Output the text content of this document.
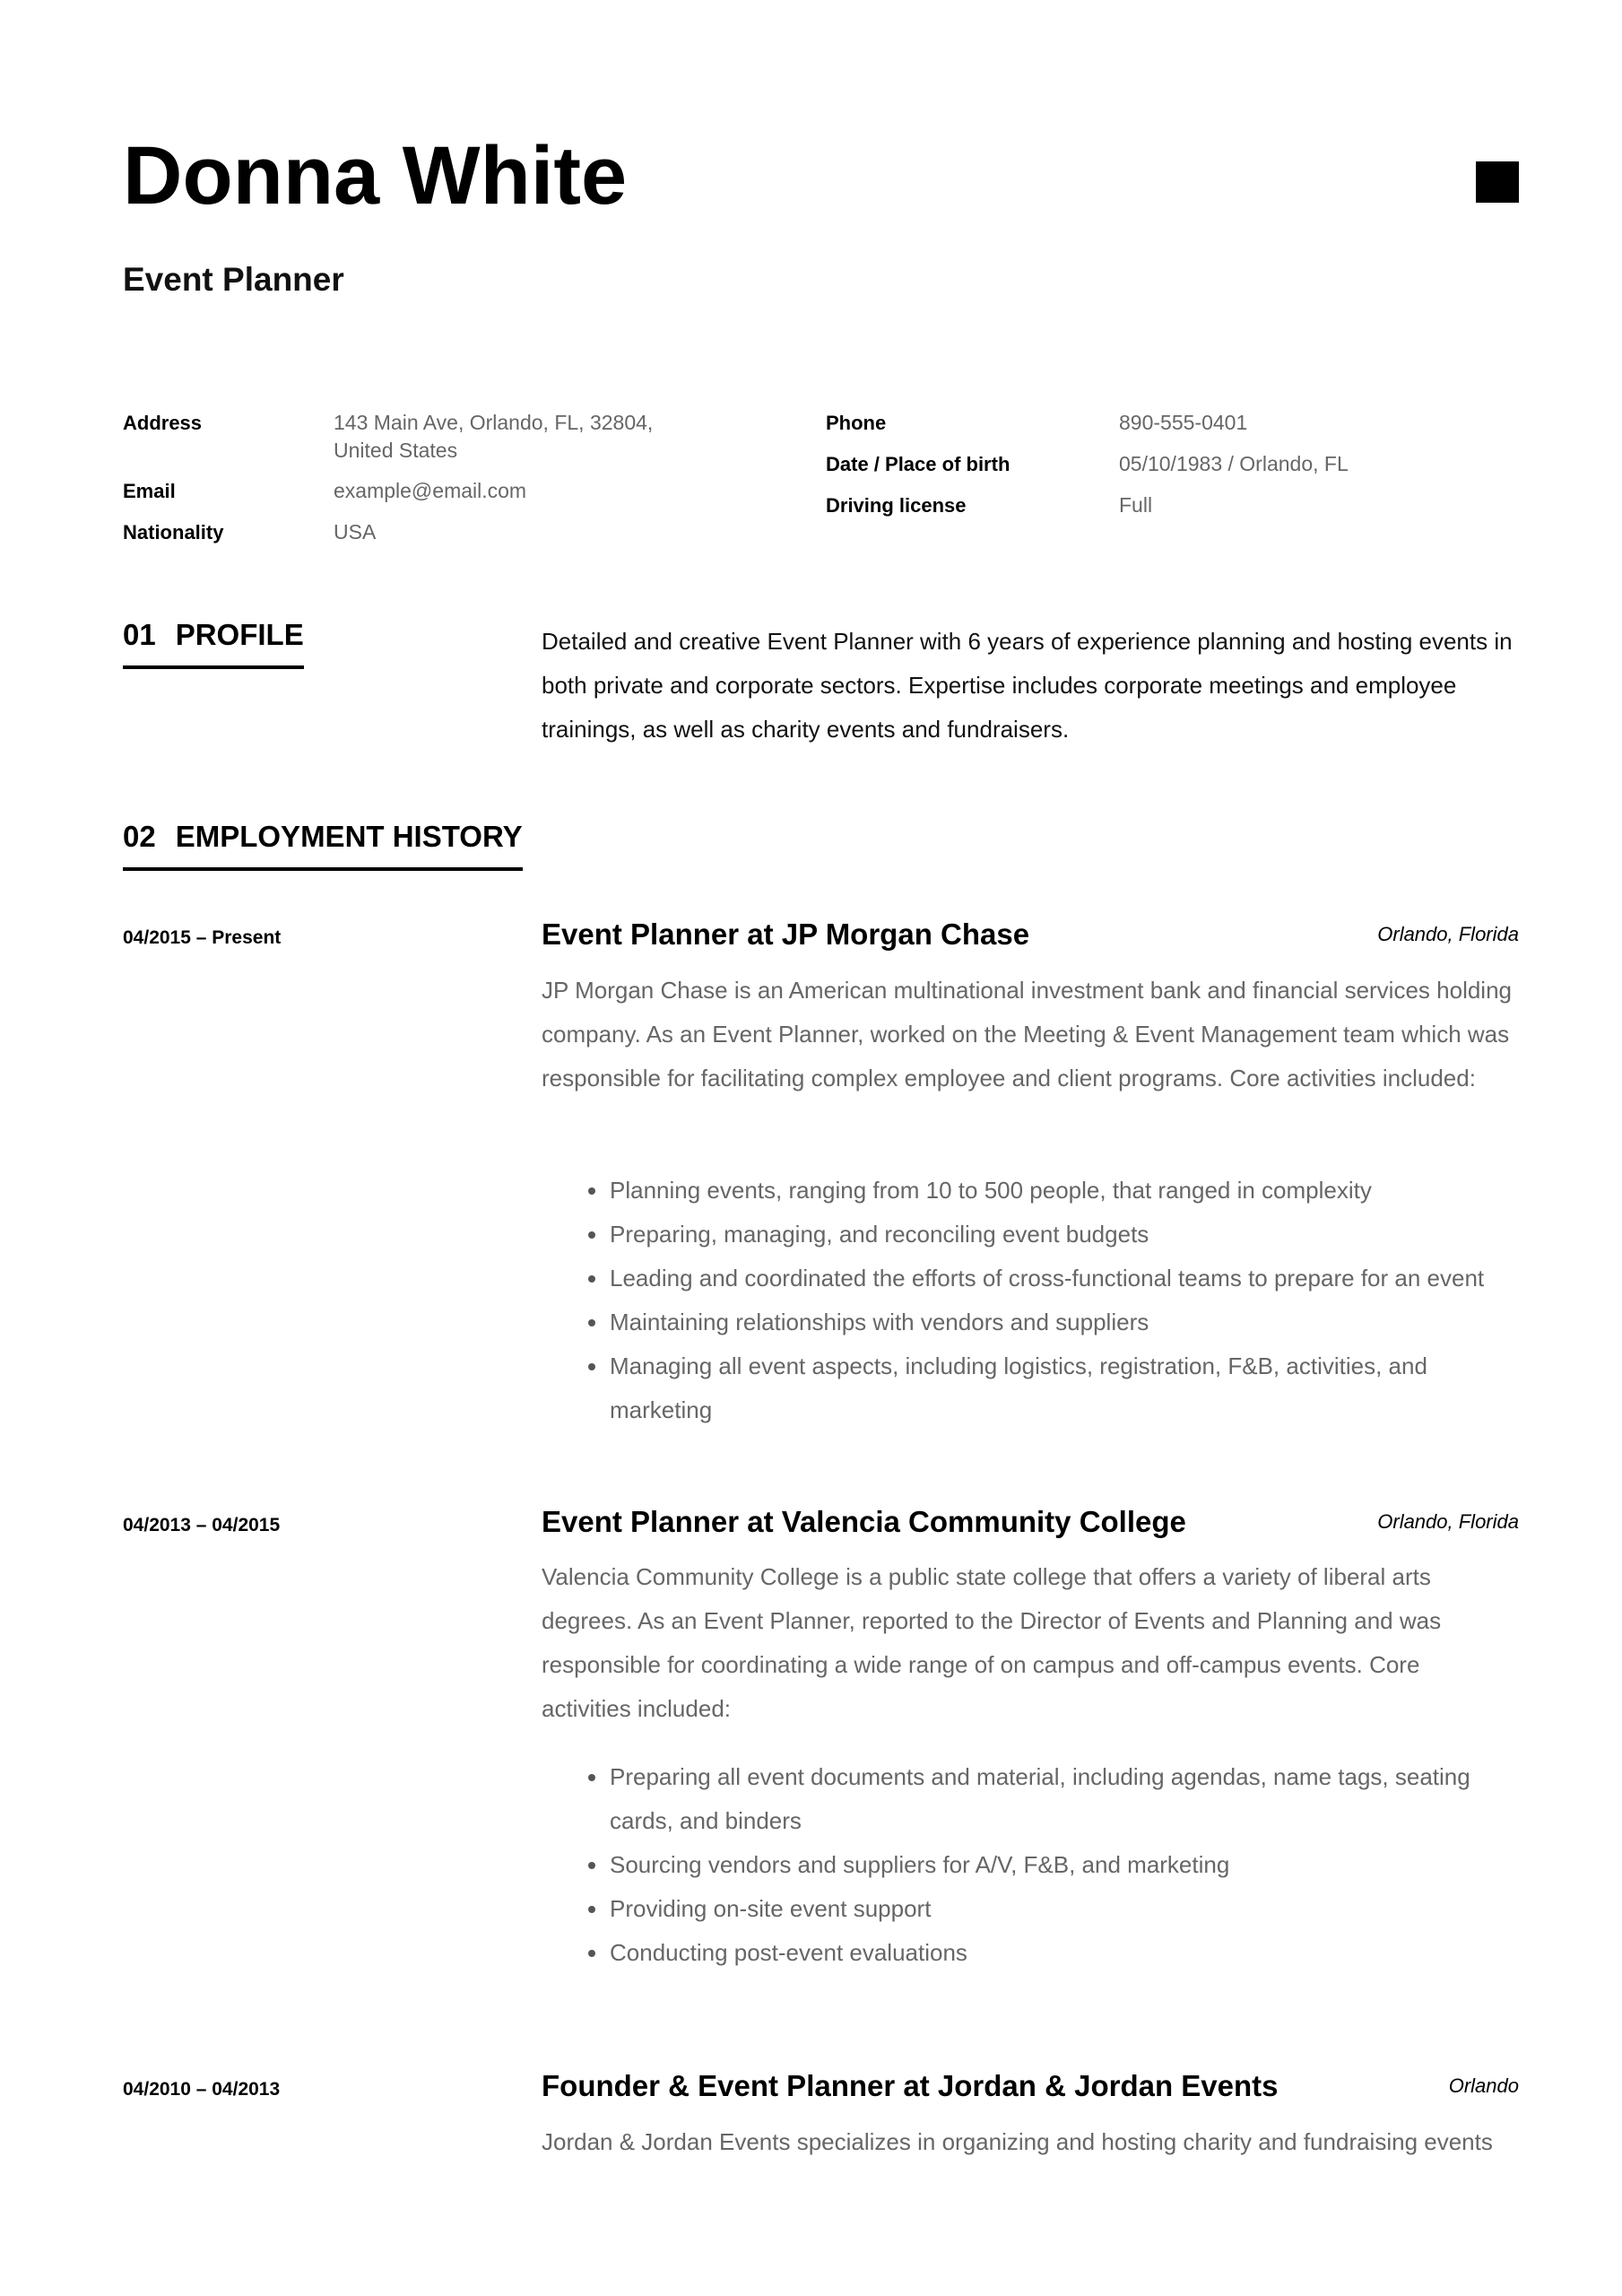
Donna White
Event Planner
Address	143 Main Ave, Orlando, FL, 32804,
United States
Email	example@email.com
Nationality	USA
Phone	890-555-0401
Date / Place of birth	05/10/1983 / Orlando, FL
Driving license	Full
01 PROFILE	Detailed and creative Event Planner with 6 years of experience planning and hosting events in both private and corporate sectors. Expertise includes corporate meetings and employee trainings, as well as charity events and fundraisers.

02 EMPLOYMENT HISTORY
04/2015 – Present	Event Planner at JP Morgan Chase	Orlando, Florida

JP Morgan Chase is an American multinational investment bank and financial services holding company. As an Event Planner, worked on the Meeting & Event Management team which was responsible for facilitating complex employee and client programs. Core activities included:

Planning events, ranging from 10 to 500 people, that ranged in complexity
Preparing, managing, and reconciling event budgets
Leading and coordinated the efforts of cross-functional teams to prepare for an event
Maintaining relationships with vendors and suppliers
Managing all event aspects, including logistics, registration, F&B, activities, and marketing
04/2013 – 04/2015	Event Planner at Valencia Community College	Orlando, Florida

Valencia Community College is a public state college that offers a variety of liberal arts degrees. As an Event Planner, reported to the Director of Events and Planning and was responsible for coordinating a wide range of on campus and off-campus events. Core activities included:

Preparing all event documents and material, including agendas, name tags, seating cards, and binders
Sourcing vendors and suppliers for A/V, F&B, and marketing
Providing on-site event support
Conducting post-event evaluations
04/2010 – 04/2013	Founder & Event Planner at Jordan & Jordan Events	Orlando

Jordan & Jordan Events specializes in organizing and hosting charity and fundraising events
